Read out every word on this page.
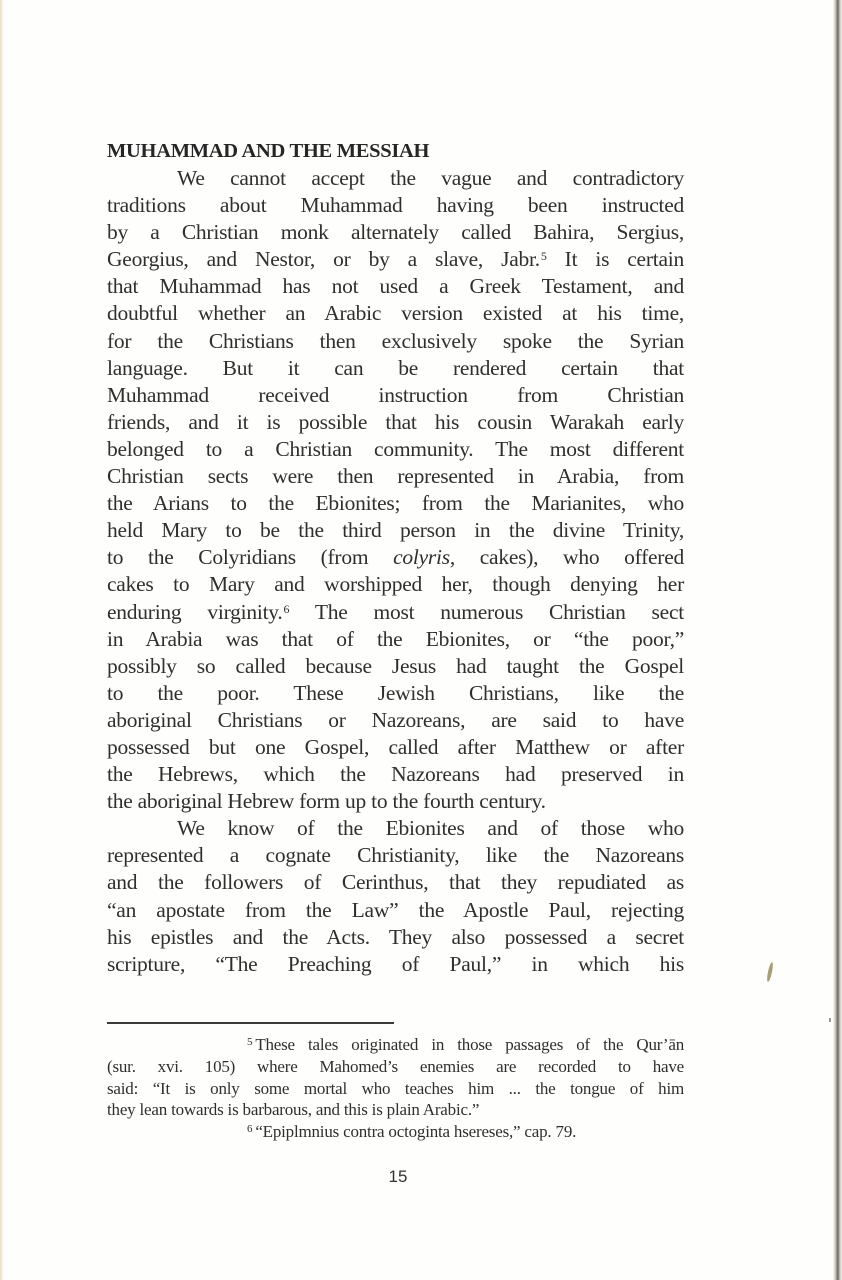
MUHAMMAD AND THE MESSIAH
We cannot accept the vague and contradictory
traditions about Muhammad having been instructed
by a Christian monk alternately called Bahira, Sergius,
Georgius, and Nestor, or by a slave, Jabr.$^5$ It is certain
that Muhammad has not used a Greek Testament, and
doubtful whether an Arabic version existed at his time,
for the Christians then exclusively spoke the Syrian
language. But it can be rendered certain that
Muhammad received instruction from Christian
friends, and it is possible that his cousin Warakah early
belonged to a Christian community. The most different
Christian sects were then represented in Arabia, from
the Arians to the Ebionites; from the Marianites, who
held Mary to be the third person in the divine Trinity,
to the Colyridians (from colyris, cakes), who offered
cakes to Mary and worshipped her, though denying her
enduring virginity.$^6$ The most numerous Christian sect
in Arabia was that of the Ebionites, or “the poor,”
possibly so called because Jesus had taught the Gospel
to the poor. These Jewish Christians, like the
aboriginal Christians or Nazoreans, are said to have
possessed but one Gospel, called after Matthew or after
the Hebrews, which the Nazoreans had preserved in
the aboriginal Hebrew form up to the fourth century.
We know of the Ebionites and of those who
represented a cognate Christianity, like the Nazoreans
and the followers of Cerinthus, that they repudiated as
“an apostate from the Law” the Apostle Paul, rejecting
his epistles and the Acts. They also possessed a secret
scripture, “The Preaching of Paul,” in which his
$^5$ These tales originated in those passages of the Qur’ān
(sur. xvi. 105) where Mahomed’s enemies are recorded to have
said: “It is only some mortal who teaches him ... the tongue of him
they lean towards is barbarous, and this is plain Arabic.”
$^6$ “Epiplmnius contra octoginta hsereses,” cap. 79.
15
